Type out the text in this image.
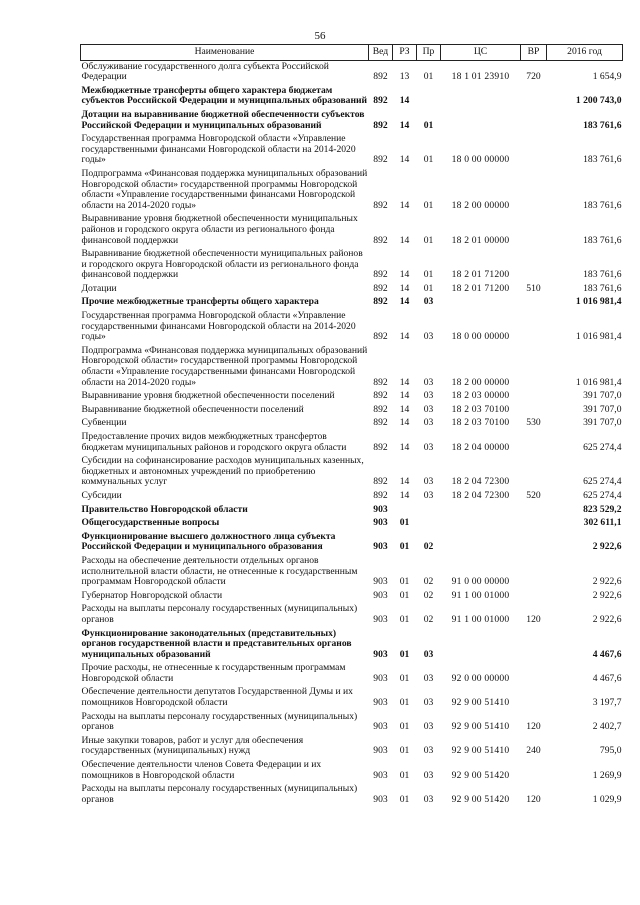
56
Наименование	Вед	РЗ	Пр	ЦС	ВР	2016 год
Обслуживание государственного долга субъекта Российской Федерации	892	13	01	18 1 01 23910	720	1 654,9
Межбюджетные трансферты общего характера бюджетам субъектов Российской Федерации и муниципальных образований	892	14				1 200 743,0
Дотации на выравнивание бюджетной обеспеченности субъектов Российской Федерации и муниципальных образований	892	14	01			183 761,6
Государственная программа Новгородской области «Управление государственными финансами Новгородской области на 2014-2020 годы»	892	14	01	18 0 00 00000		183 761,6
Подпрограмма «Финансовая поддержка муниципальных образований Новгородской области» государственной программы Новгородской области «Управление государственными финансами Новгородской области на 2014-2020 годы»	892	14	01	18 2 00 00000		183 761,6
Выравнивание уровня бюджетной обеспеченности муниципальных районов и городского округа области из регионального фонда финансовой поддержки	892	14	01	18 2 01 00000		183 761,6
Выравнивание бюджетной обеспеченности муниципальных районов и городского округа Новгородской области из регионального фонда финансовой поддержки	892	14	01	18 2 01 71200		183 761,6
Дотации	892	14	01	18 2 01 71200	510	183 761,6
Прочие межбюджетные трансферты общего характера	892	14	03			1 016 981,4
Государственная программа Новгородской области «Управление государственными финансами Новгородской области на 2014-2020 годы»	892	14	03	18 0 00 00000		1 016 981,4
Подпрограмма «Финансовая поддержка муниципальных образований Новгородской области» государственной программы Новгородской области «Управление государственными финансами Новгородской области на 2014-2020 годы»	892	14	03	18 2 00 00000		1 016 981,4
Выравнивание уровня бюджетной обеспеченности поселений	892	14	03	18 2 03 00000		391 707,0
Выравнивание бюджетной обеспеченности поселений	892	14	03	18 2 03 70100		391 707,0
Субвенции	892	14	03	18 2 03 70100	530	391 707,0
Предоставление прочих видов межбюджетных трансфертов бюджетам муниципальных районов и городского округа области	892	14	03	18 2 04 00000		625 274,4
Субсидии на софинансирование расходов муниципальных казенных, бюджетных и автономных учреждений по приобретению коммунальных услуг	892	14	03	18 2 04 72300		625 274,4
Субсидии	892	14	03	18 2 04 72300	520	625 274,4
Правительство Новгородской области	903					823 529,2
Общегосударственные вопросы	903	01				302 611,1
Функционирование высшего должностного лица субъекта Российской Федерации и муниципального образования	903	01	02			2 922,6
Расходы на обеспечение деятельности отдельных органов исполнительной власти области, не отнесенные к государственным программам Новгородской области	903	01	02	91 0 00 00000		2 922,6
Губернатор Новгородской области	903	01	02	91 1 00 01000		2 922,6
Расходы на выплаты персоналу государственных (муниципальных) органов	903	01	02	91 1 00 01000	120	2 922,6
Функционирование законодательных (представительных) органов государственной власти и представительных органов муниципальных образований	903	01	03			4 467,6
Прочие расходы, не отнесенные к государственным программам Новгородской области	903	01	03	92 0 00 00000		4 467,6
Обеспечение деятельности депутатов Государственной Думы и их помощников Новгородской области	903	01	03	92 9 00 51410		3 197,7
Расходы на выплаты персоналу государственных (муниципальных) органов	903	01	03	92 9 00 51410	120	2 402,7
Иные закупки товаров, работ и услуг для обеспечения государственных (муниципальных) нужд	903	01	03	92 9 00 51410	240	795,0
Обеспечение деятельности членов Совета Федерации и их помощников в Новгородской области	903	01	03	92 9 00 51420		1 269,9
Расходы на выплаты персоналу государственных (муниципальных) органов	903	01	03	92 9 00 51420	120	1 029,9
